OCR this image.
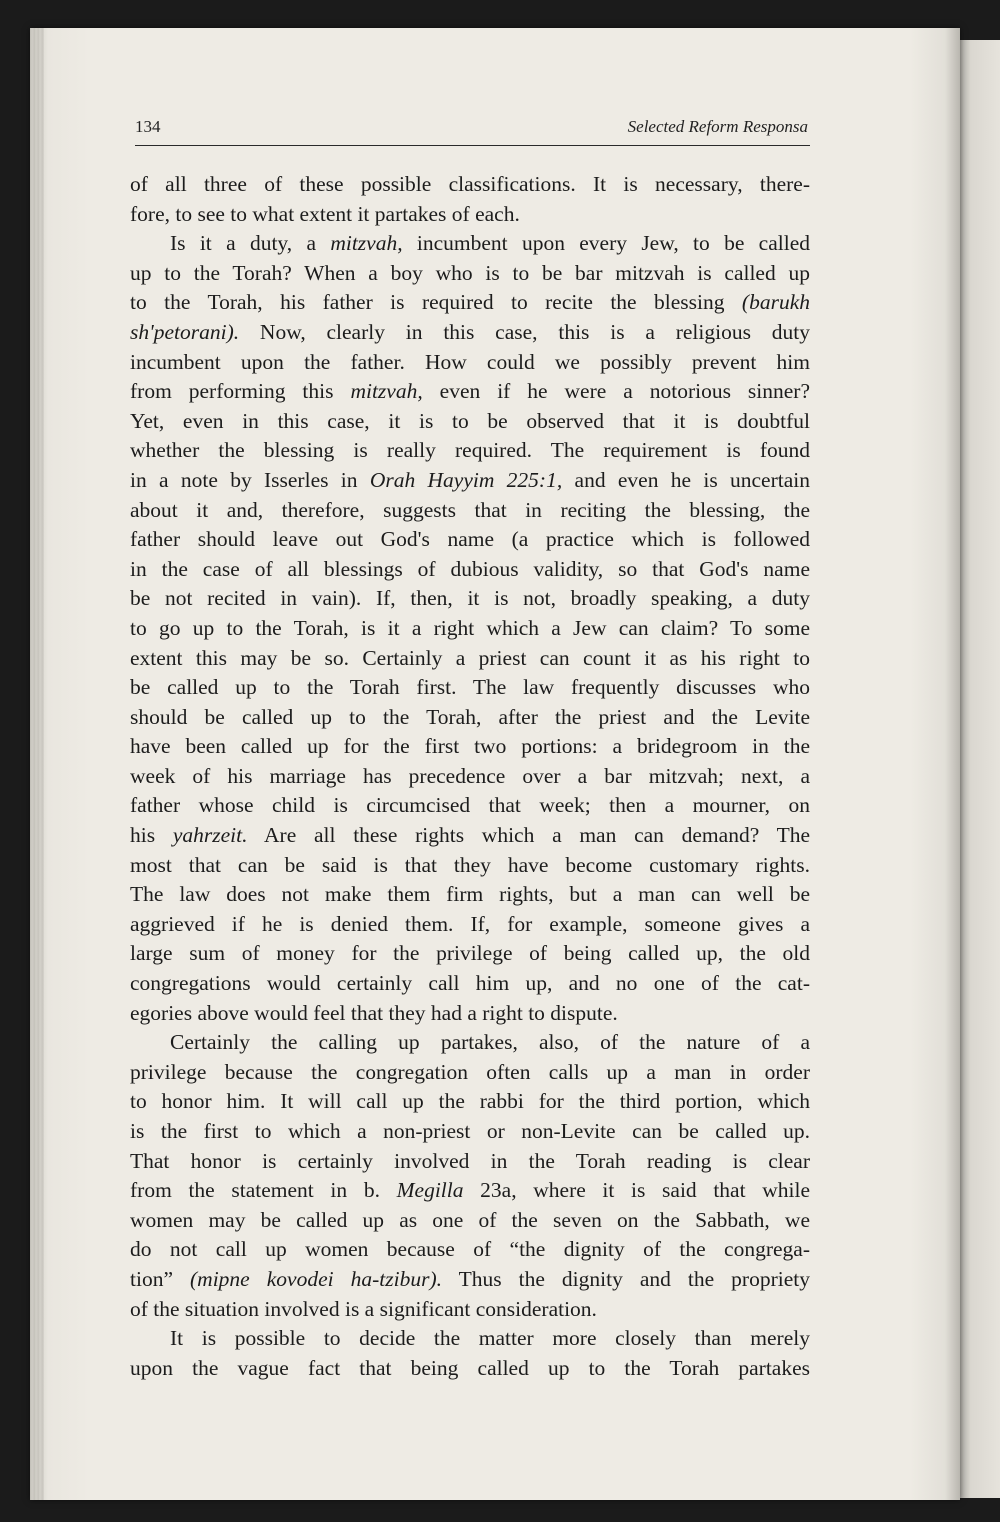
134	Selected Reform Responsa
of all three of these possible classifications. It is necessary, there-
fore, to see to what extent it partakes of each.
Is it a duty, a mitzvah, incumbent upon every Jew, to be called
up to the Torah? When a boy who is to be bar mitzvah is called up
to the Torah, his father is required to recite the blessing (barukh
sh'petorani). Now, clearly in this case, this is a religious duty
incumbent upon the father. How could we possibly prevent him
from performing this mitzvah, even if he were a notorious sinner?
Yet, even in this case, it is to be observed that it is doubtful
whether the blessing is really required. The requirement is found
in a note by Isserles in Orah Hayyim 225:1, and even he is uncertain
about it and, therefore, suggests that in reciting the blessing, the
father should leave out God's name (a practice which is followed
in the case of all blessings of dubious validity, so that God's name
be not recited in vain). If, then, it is not, broadly speaking, a duty
to go up to the Torah, is it a right which a Jew can claim? To some
extent this may be so. Certainly a priest can count it as his right to
be called up to the Torah first. The law frequently discusses who
should be called up to the Torah, after the priest and the Levite
have been called up for the first two portions: a bridegroom in the
week of his marriage has precedence over a bar mitzvah; next, a
father whose child is circumcised that week; then a mourner, on
his yahrzeit. Are all these rights which a man can demand? The
most that can be said is that they have become customary rights.
The law does not make them firm rights, but a man can well be
aggrieved if he is denied them. If, for example, someone gives a
large sum of money for the privilege of being called up, the old
congregations would certainly call him up, and no one of the cat-
egories above would feel that they had a right to dispute.
Certainly the calling up partakes, also, of the nature of a
privilege because the congregation often calls up a man in order
to honor him. It will call up the rabbi for the third portion, which
is the first to which a non-priest or non-Levite can be called up.
That honor is certainly involved in the Torah reading is clear
from the statement in b. Megilla 23a, where it is said that while
women may be called up as one of the seven on the Sabbath, we
do not call up women because of “the dignity of the congrega-
tion” (mipne kovodei ha-tzibur). Thus the dignity and the propriety
of the situation involved is a significant consideration.
It is possible to decide the matter more closely than merely
upon the vague fact that being called up to the Torah partakes
